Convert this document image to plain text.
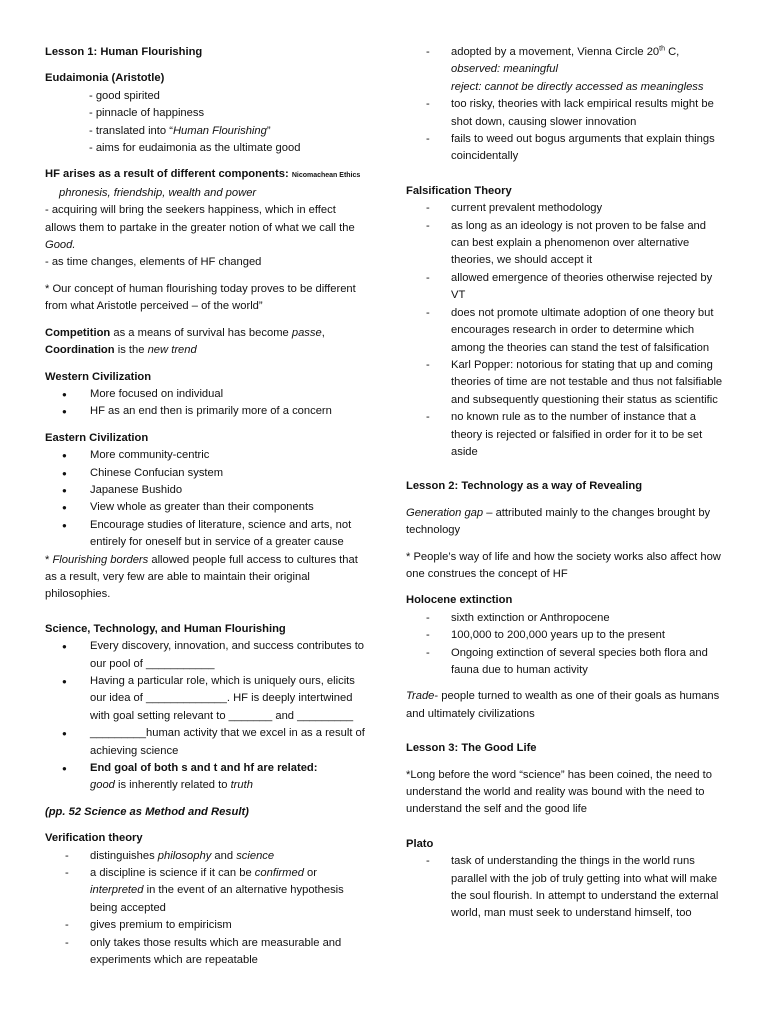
Lesson 1: Human Flourishing

Eudaimonia (Aristotle)

- good spirited

- pinnacle of happiness

- translated into “Human Flourishing”

- aims for eudaimonia as the ultimate good

HF arises as a result of different components: Nicomachean Ethics

phronesis, friendship, wealth and power

- acquiring will bring the seekers happiness, which in effect allows them to partake in the greater notion of what we call the Good.

- as time changes, elements of HF changed

* Our concept of human flourishing today proves to be different from what Aristotle perceived – of the world”

Competition as a means of survival has become passe,

Coordination is the new trend

Western Civilization

● More focused on individual
● HF as an end then is primarily more of a concern

Eastern Civilization

● More community-centric
● Chinese Confucian system
● Japanese Bushido
● View whole as greater than their components
● Encourage studies of literature, science and arts, not entirely for oneself but in service of a greater cause

* Flourishing borders allowed people full access to cultures that as a result, very few are able to maintain their original philosophies.

Science, Technology, and Human Flourishing

● Every discovery, innovation, and success contributes to our pool of ___________
● Having a particular role, which is uniquely ours, elicits our idea of _____________. HF is deeply intertwined with goal setting relevant to _______ and _________
● _________human activity that we excel in as a result of achieving science
● End goal of both s and t and hf are related:
good is inherently related to truth

(pp. 52 Science as Method and Result)

Verification theory

- distinguishes philosophy and science
- a discipline is science if it can be confirmed or interpreted in the event of an alternative hypothesis being accepted
- gives premium to empiricism
- only takes those results which are measurable and experiments which are repeatable
- adopted by a movement, Vienna Circle 20th C,
observed: meaningful
reject: cannot be directly accessed as meaningless
- too risky, theories with lack empirical results might be shot down, causing slower innovation
- fails to weed out bogus arguments that explain things coincidentally

Falsification Theory

- current prevalent methodology
- as long as an ideology is not proven to be false and can best explain a phenomenon over alternative theories, we should accept it
- allowed emergence of theories otherwise rejected by VT
- does not promote ultimate adoption of one theory but encourages research in order to determine which among the theories can stand the test of falsification
- Karl Popper: notorious for stating that up and coming theories of time are not testable and thus not falsifiable and subsequently questioning their status as scientific
- no known rule as to the number of instance that a theory is rejected or falsified in order for it to be set aside

Lesson 2: Technology as a way of Revealing

Generation gap – attributed mainly to the changes brought by technology

* People’s way of life and how the society works also affect how one construes the concept of HF

Holocene extinction

- sixth extinction or Anthropocene
- 100,000 to 200,000 years up to the present
- Ongoing extinction of several species both flora and fauna due to human activity

Trade- people turned to wealth as one of their goals as humans and ultimately civilizations

Lesson 3: The Good Life

*Long before the word “science” has been coined, the need to understand the world and reality was bound with the need to understand the self and the good life

Plato

- task of understanding the things in the world runs parallel with the job of truly getting into what will make the soul flourish. In attempt to understand the external world, man must seek to understand himself, too
